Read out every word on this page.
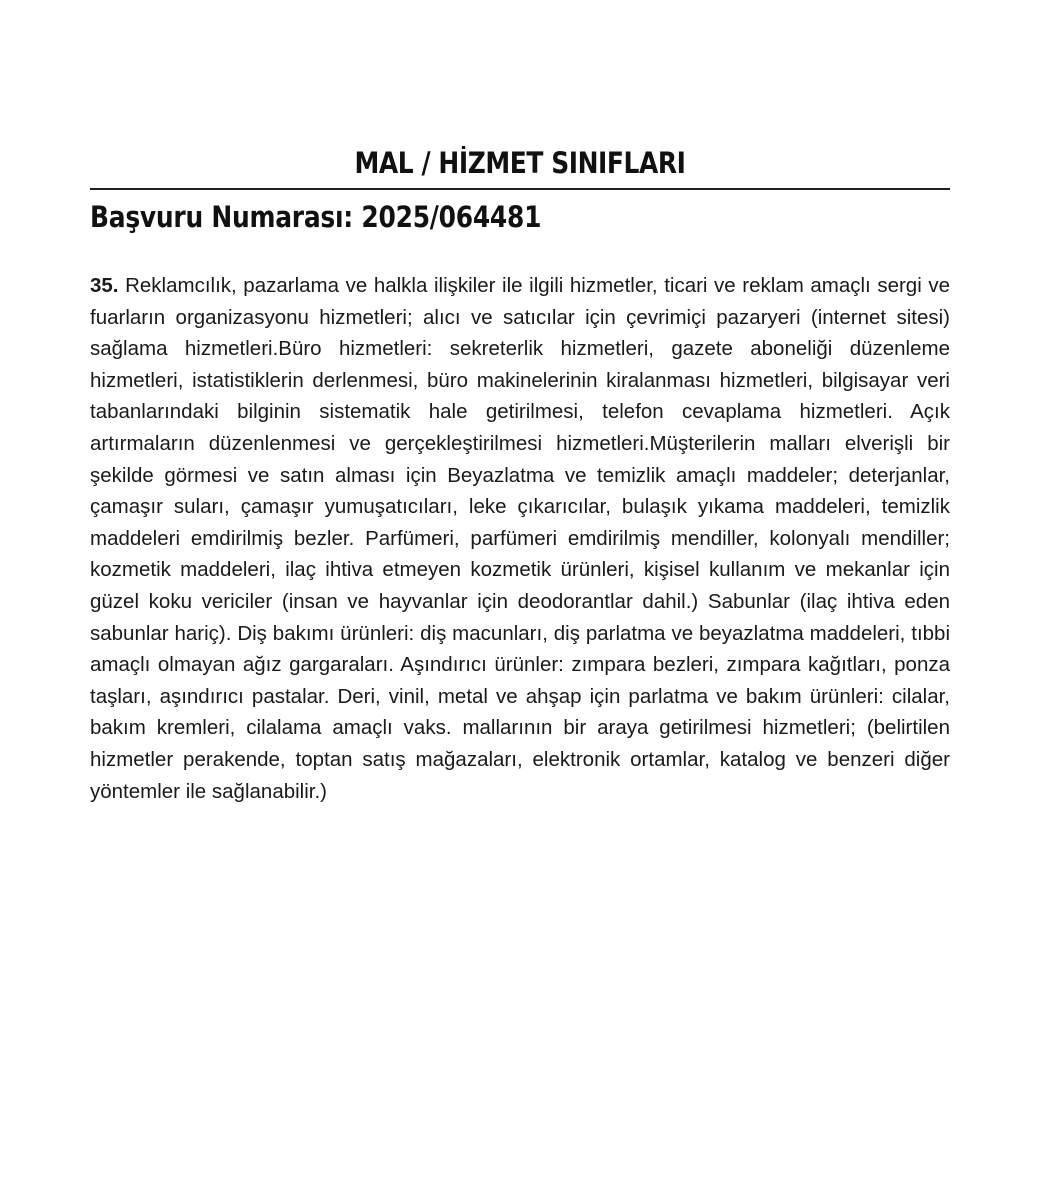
MAL / HİZMET SINIFLARI
Başvuru Numarası: 2025/064481
35. Reklamcılık, pazarlama ve halkla ilişkiler ile ilgili hizmetler, ticari ve reklam amaçlı sergi ve fuarların organizasyonu hizmetleri; alıcı ve satıcılar için çevrimiçi pazaryeri (internet sitesi) sağlama hizmetleri.Büro hizmetleri: sekreterlik hizmetleri, gazete aboneliği düzenleme hizmetleri, istatistiklerin derlenmesi, büro makinelerinin kiralanması hizmetleri, bilgisayar veri tabanlarındaki bilginin sistematik hale getirilmesi, telefon cevaplama hizmetleri. Açık artırmaların düzenlenmesi ve gerçekleştirilmesi hizmetleri.Müşterilerin malları elverişli bir şekilde görmesi ve satın alması için Beyazlatma ve temizlik amaçlı maddeler; deterjanlar, çamaşır suları, çamaşır yumuşatıcıları, leke çıkarıcılar, bulaşık yıkama maddeleri, temizlik maddeleri emdirilmiş bezler. Parfümeri, parfümeri emdirilmiş mendiller, kolonyalı mendiller; kozmetik maddeleri, ilaç ihtiva etmeyen kozmetik ürünleri, kişisel kullanım ve mekanlar için güzel koku vericiler (insan ve hayvanlar için deodorantlar dahil.) Sabunlar (ilaç ihtiva eden sabunlar hariç). Diş bakımı ürünleri: diş macunları, diş parlatma ve beyazlatma maddeleri, tıbbi amaçlı olmayan ağız gargaraları. Aşındırıcı ürünler: zımpara bezleri, zımpara kağıtları, ponza taşları, aşındırıcı pastalar. Deri, vinil, metal ve ahşap için parlatma ve bakım ürünleri: cilalar, bakım kremleri, cilalama amaçlı vaks. mallarının bir araya getirilmesi hizmetleri; (belirtilen hizmetler perakende, toptan satış mağazaları, elektronik ortamlar, katalog ve benzeri diğer yöntemler ile sağlanabilir.)
